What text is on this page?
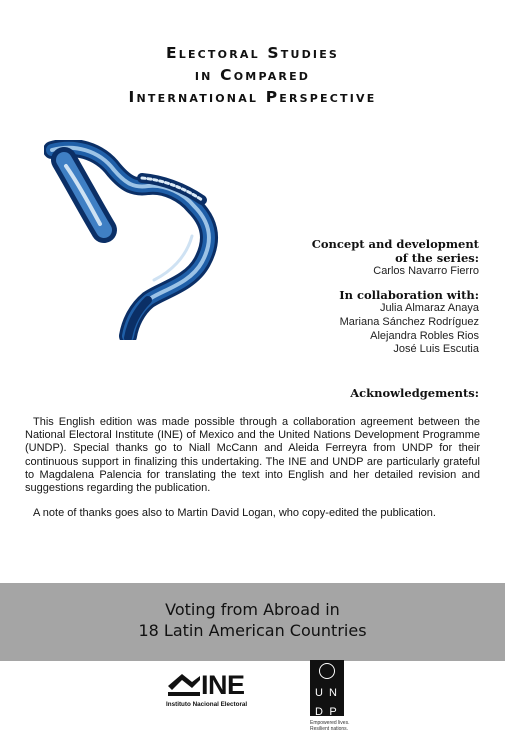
Electoral Studies
in Compared
International Perspective
Concept and development
of the series:
Carlos Navarro Fierro
In collaboration with:
Julia Almaraz Anaya
Mariana Sánchez Rodríguez
Alejandra Robles Rios
José Luis Escutia
Acknowledgements:

This English edition was made possible through a collaboration agreement between the National Electoral Institute (INE) of Mexico and the United Nations Development Programme (UNDP). Special thanks go to Niall McCann and Aleida Ferreyra from UNDP for their continuous support in finalizing this undertaking. The INE and UNDP are particularly grateful to Magdalena Palencia for translating the text into English and her detailed revision and suggestions regarding the publication.

A note of thanks goes also to Martin David Logan, who copy-edited the publication.

Voting from Abroad in
18 Latin American Countries
INE
Instituto Nacional Electoral
U ND P
Empowered lives.
Resilient nations.
